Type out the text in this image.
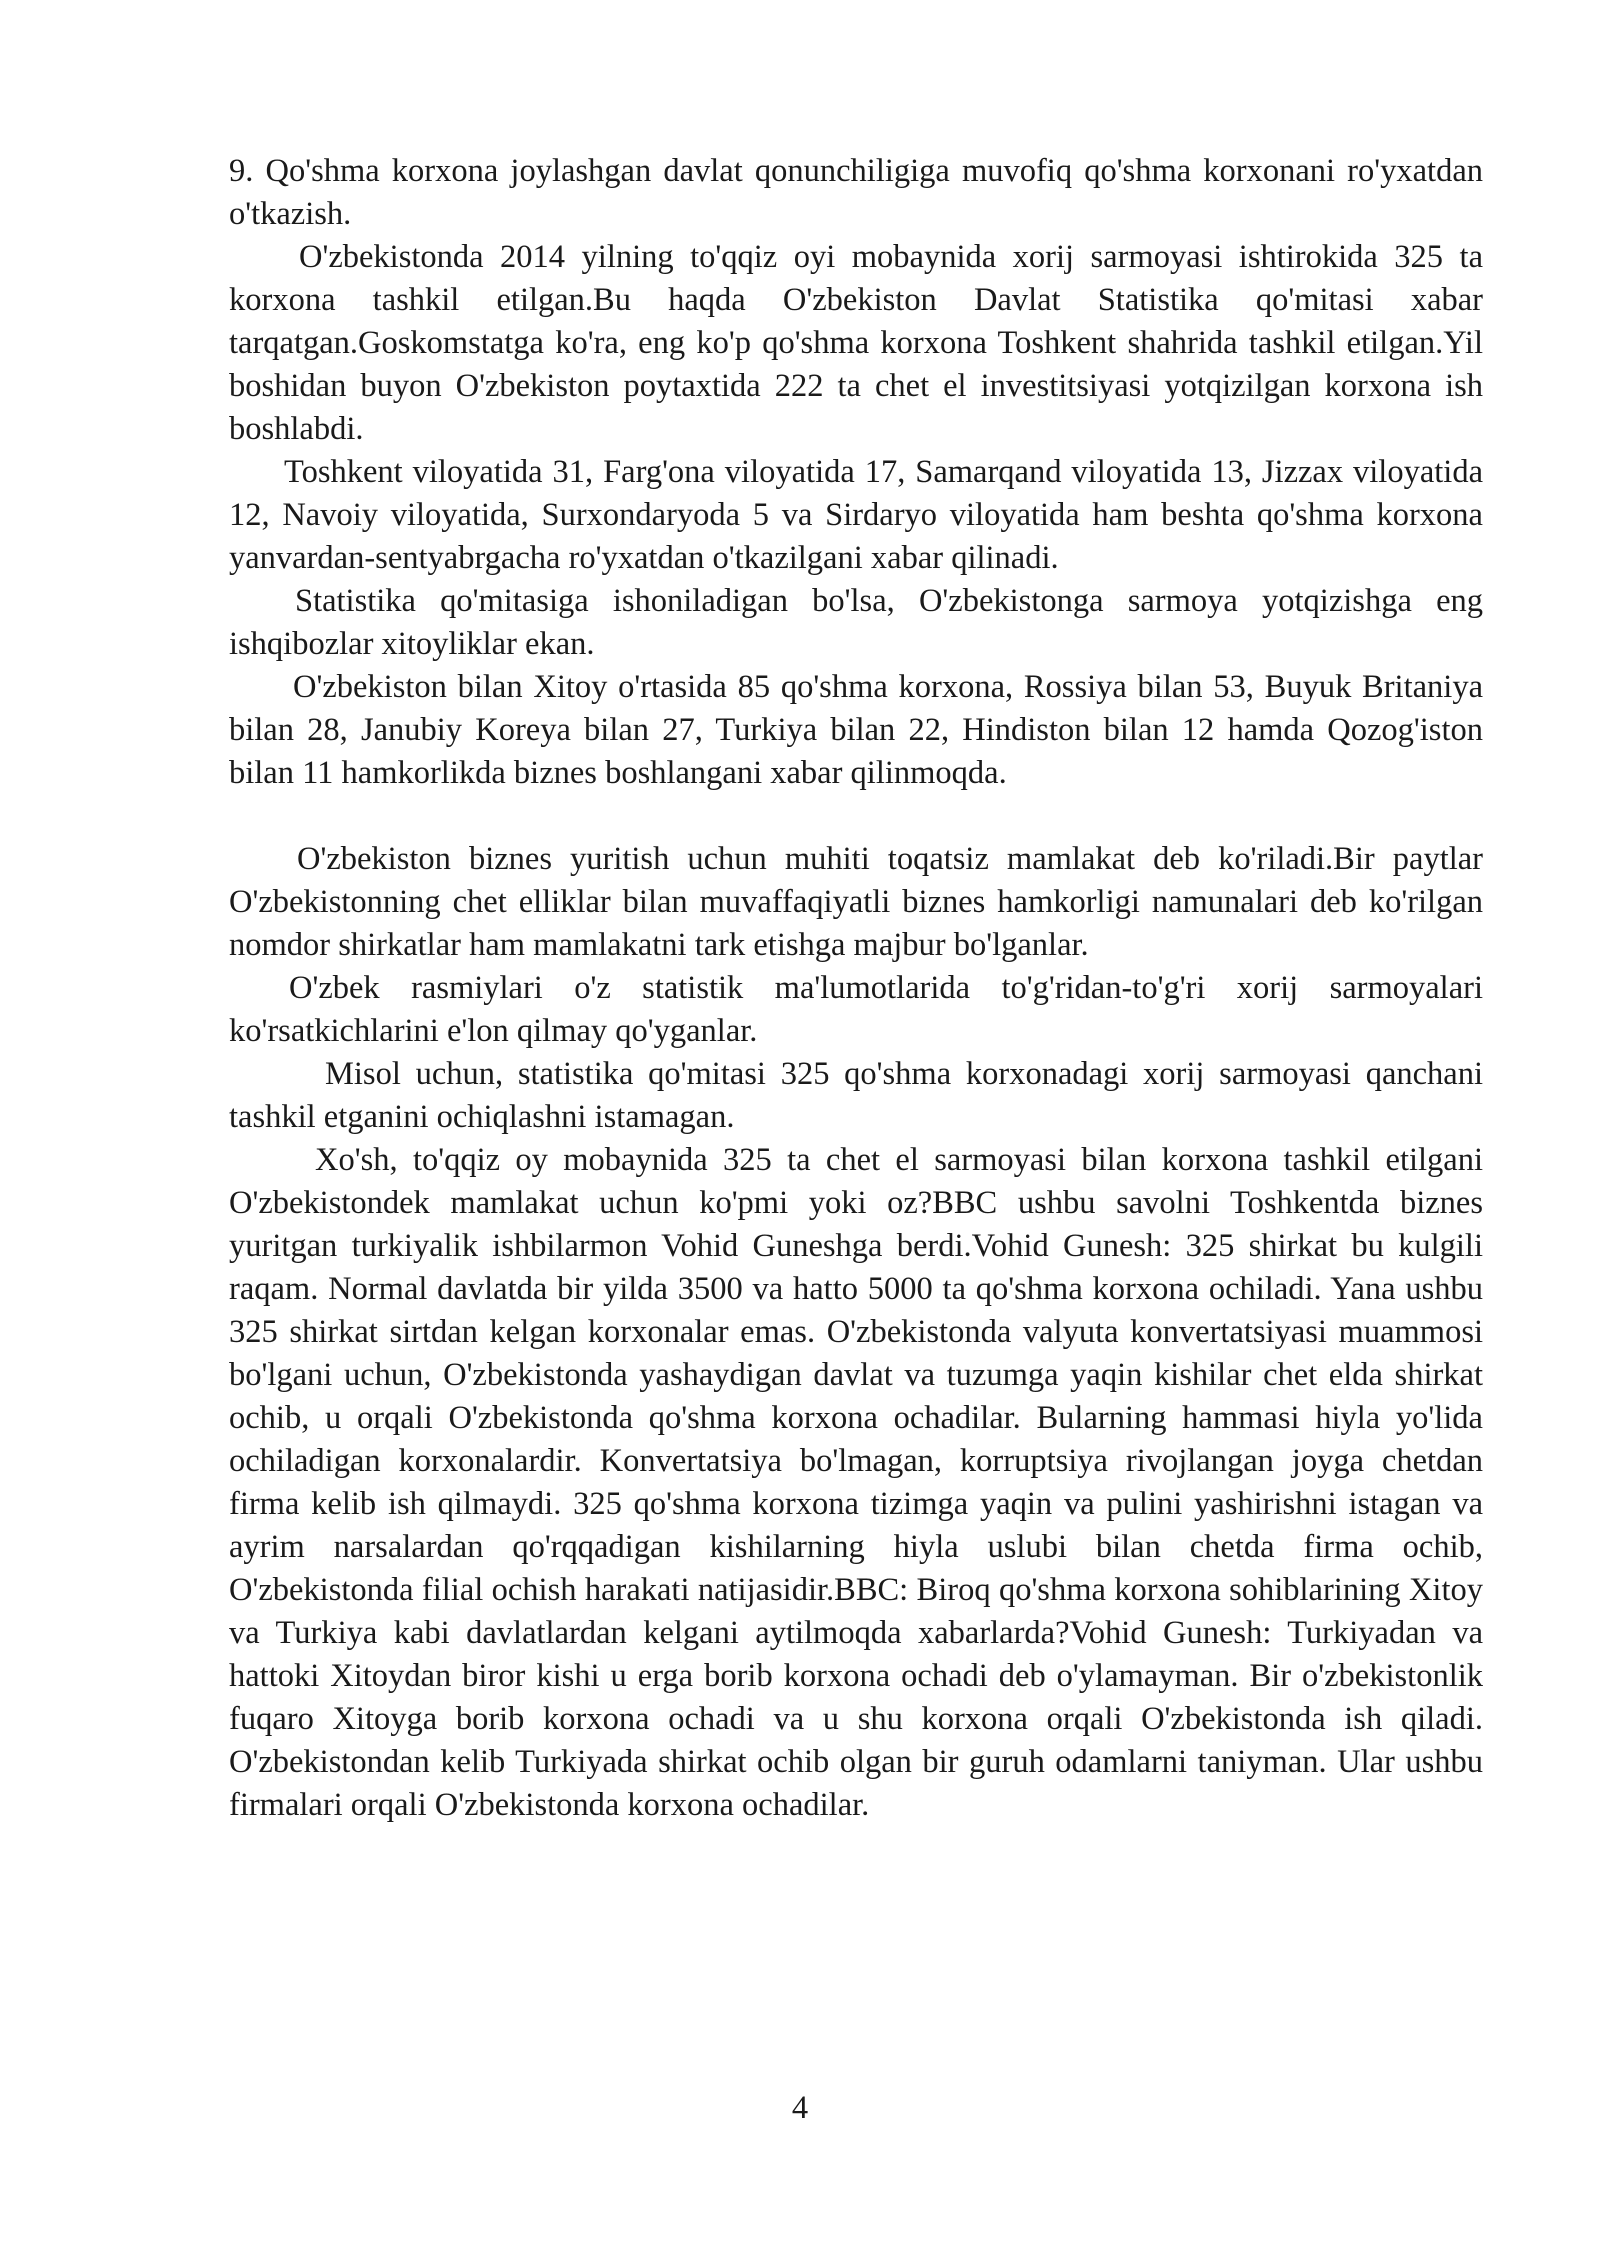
9. Qo'shma korxona joylashgan davlat qonunchiligiga muvofiq qo'shma korxonani ro'yxatdan o'tkazish.

O'zbekistonda 2014 yilning to'qqiz oyi mobaynida xorij sarmoyasi ishtirokida 325 ta korxona tashkil etilgan.Bu haqda O'zbekiston Davlat Statistika qo'mitasi xabar tarqatgan.Goskomstatga ko'ra, eng ko'p qo'shma korxona Toshkent shahrida tashkil etilgan.Yil boshidan buyon O'zbekiston poytaxtida 222 ta chet el investitsiyasi yotqizilgan korxona ish boshlabdi.

Toshkent viloyatida 31, Farg'ona viloyatida 17, Samarqand viloyatida 13, Jizzax viloyatida 12, Navoiy viloyatida, Surxondaryoda 5 va Sirdaryo viloyatida ham beshta qo'shma korxona yanvardan-sentyabrgacha ro'yxatdan o'tkazilgani xabar qilinadi.

Statistika qo'mitasiga ishoniladigan bo'lsa, O'zbekistonga sarmoya yotqizishga eng ishqibozlar xitoyliklar ekan.

O'zbekiston bilan Xitoy o'rtasida 85 qo'shma korxona, Rossiya bilan 53, Buyuk Britaniya bilan 28, Janubiy Koreya bilan 27, Turkiya bilan 22, Hindiston bilan 12 hamda Qozog'iston bilan 11 hamkorlikda biznes boshlangani xabar qilinmoqda.

O'zbekiston biznes yuritish uchun muhiti toqatsiz mamlakat deb ko'riladi.Bir paytlar O'zbekistonning chet elliklar bilan muvaffaqiyatli biznes hamkorligi namunalari deb ko'rilgan nomdor shirkatlar ham mamlakatni tark etishga majbur bo'lganlar.

O'zbek rasmiylari o'z statistik ma'lumotlarida to'g'ridan-to'g'ri xorij sarmoyalari ko'rsatkichlarini e'lon qilmay qo'yganlar.

Misol uchun, statistika qo'mitasi 325 qo'shma korxonadagi xorij sarmoyasi qanchani tashkil etganini ochiqlashni istamagan.

Xo'sh, to'qqiz oy mobaynida 325 ta chet el sarmoyasi bilan korxona tashkil etilgani O'zbekistondek mamlakat uchun ko'pmi yoki oz?BBC ushbu savolni Toshkentda biznes yuritgan turkiyalik ishbilarmon Vohid Guneshga berdi.Vohid Gunesh: 325 shirkat bu kulgili raqam. Normal davlatda bir yilda 3500 va hatto 5000 ta qo'shma korxona ochiladi. Yana ushbu 325 shirkat sirtdan kelgan korxonalar emas. O'zbekistonda valyuta konvertatsiyasi muammosi bo'lgani uchun, O'zbekistonda yashaydigan davlat va tuzumga yaqin kishilar chet elda shirkat ochib, u orqali O'zbekistonda qo'shma korxona ochadilar. Bularning hammasi hiyla yo'lida ochiladigan korxonalardir. Konvertatsiya bo'lmagan, korruptsiya rivojlangan joyga chetdan firma kelib ish qilmaydi. 325 qo'shma korxona tizimga yaqin va pulini yashirishni istagan va ayrim narsalardan qo'rqqadigan kishilarning hiyla uslubi bilan chetda firma ochib, O'zbekistonda filial ochish harakati natijasidir.BBC: Biroq qo'shma korxona sohiblarining Xitoy va Turkiya kabi davlatlardan kelgani aytilmoqda xabarlarda?Vohid Gunesh: Turkiyadan va hattoki Xitoydan biror kishi u erga borib korxona ochadi deb o'ylamayman. Bir o'zbekistonlik fuqaro Xitoyga borib korxona ochadi va u shu korxona orqali O'zbekistonda ish qiladi. O'zbekistondan kelib Turkiyada shirkat ochib olgan bir guruh odamlarni taniyman. Ular ushbu firmalari orqali O'zbekistonda korxona ochadilar.

4
